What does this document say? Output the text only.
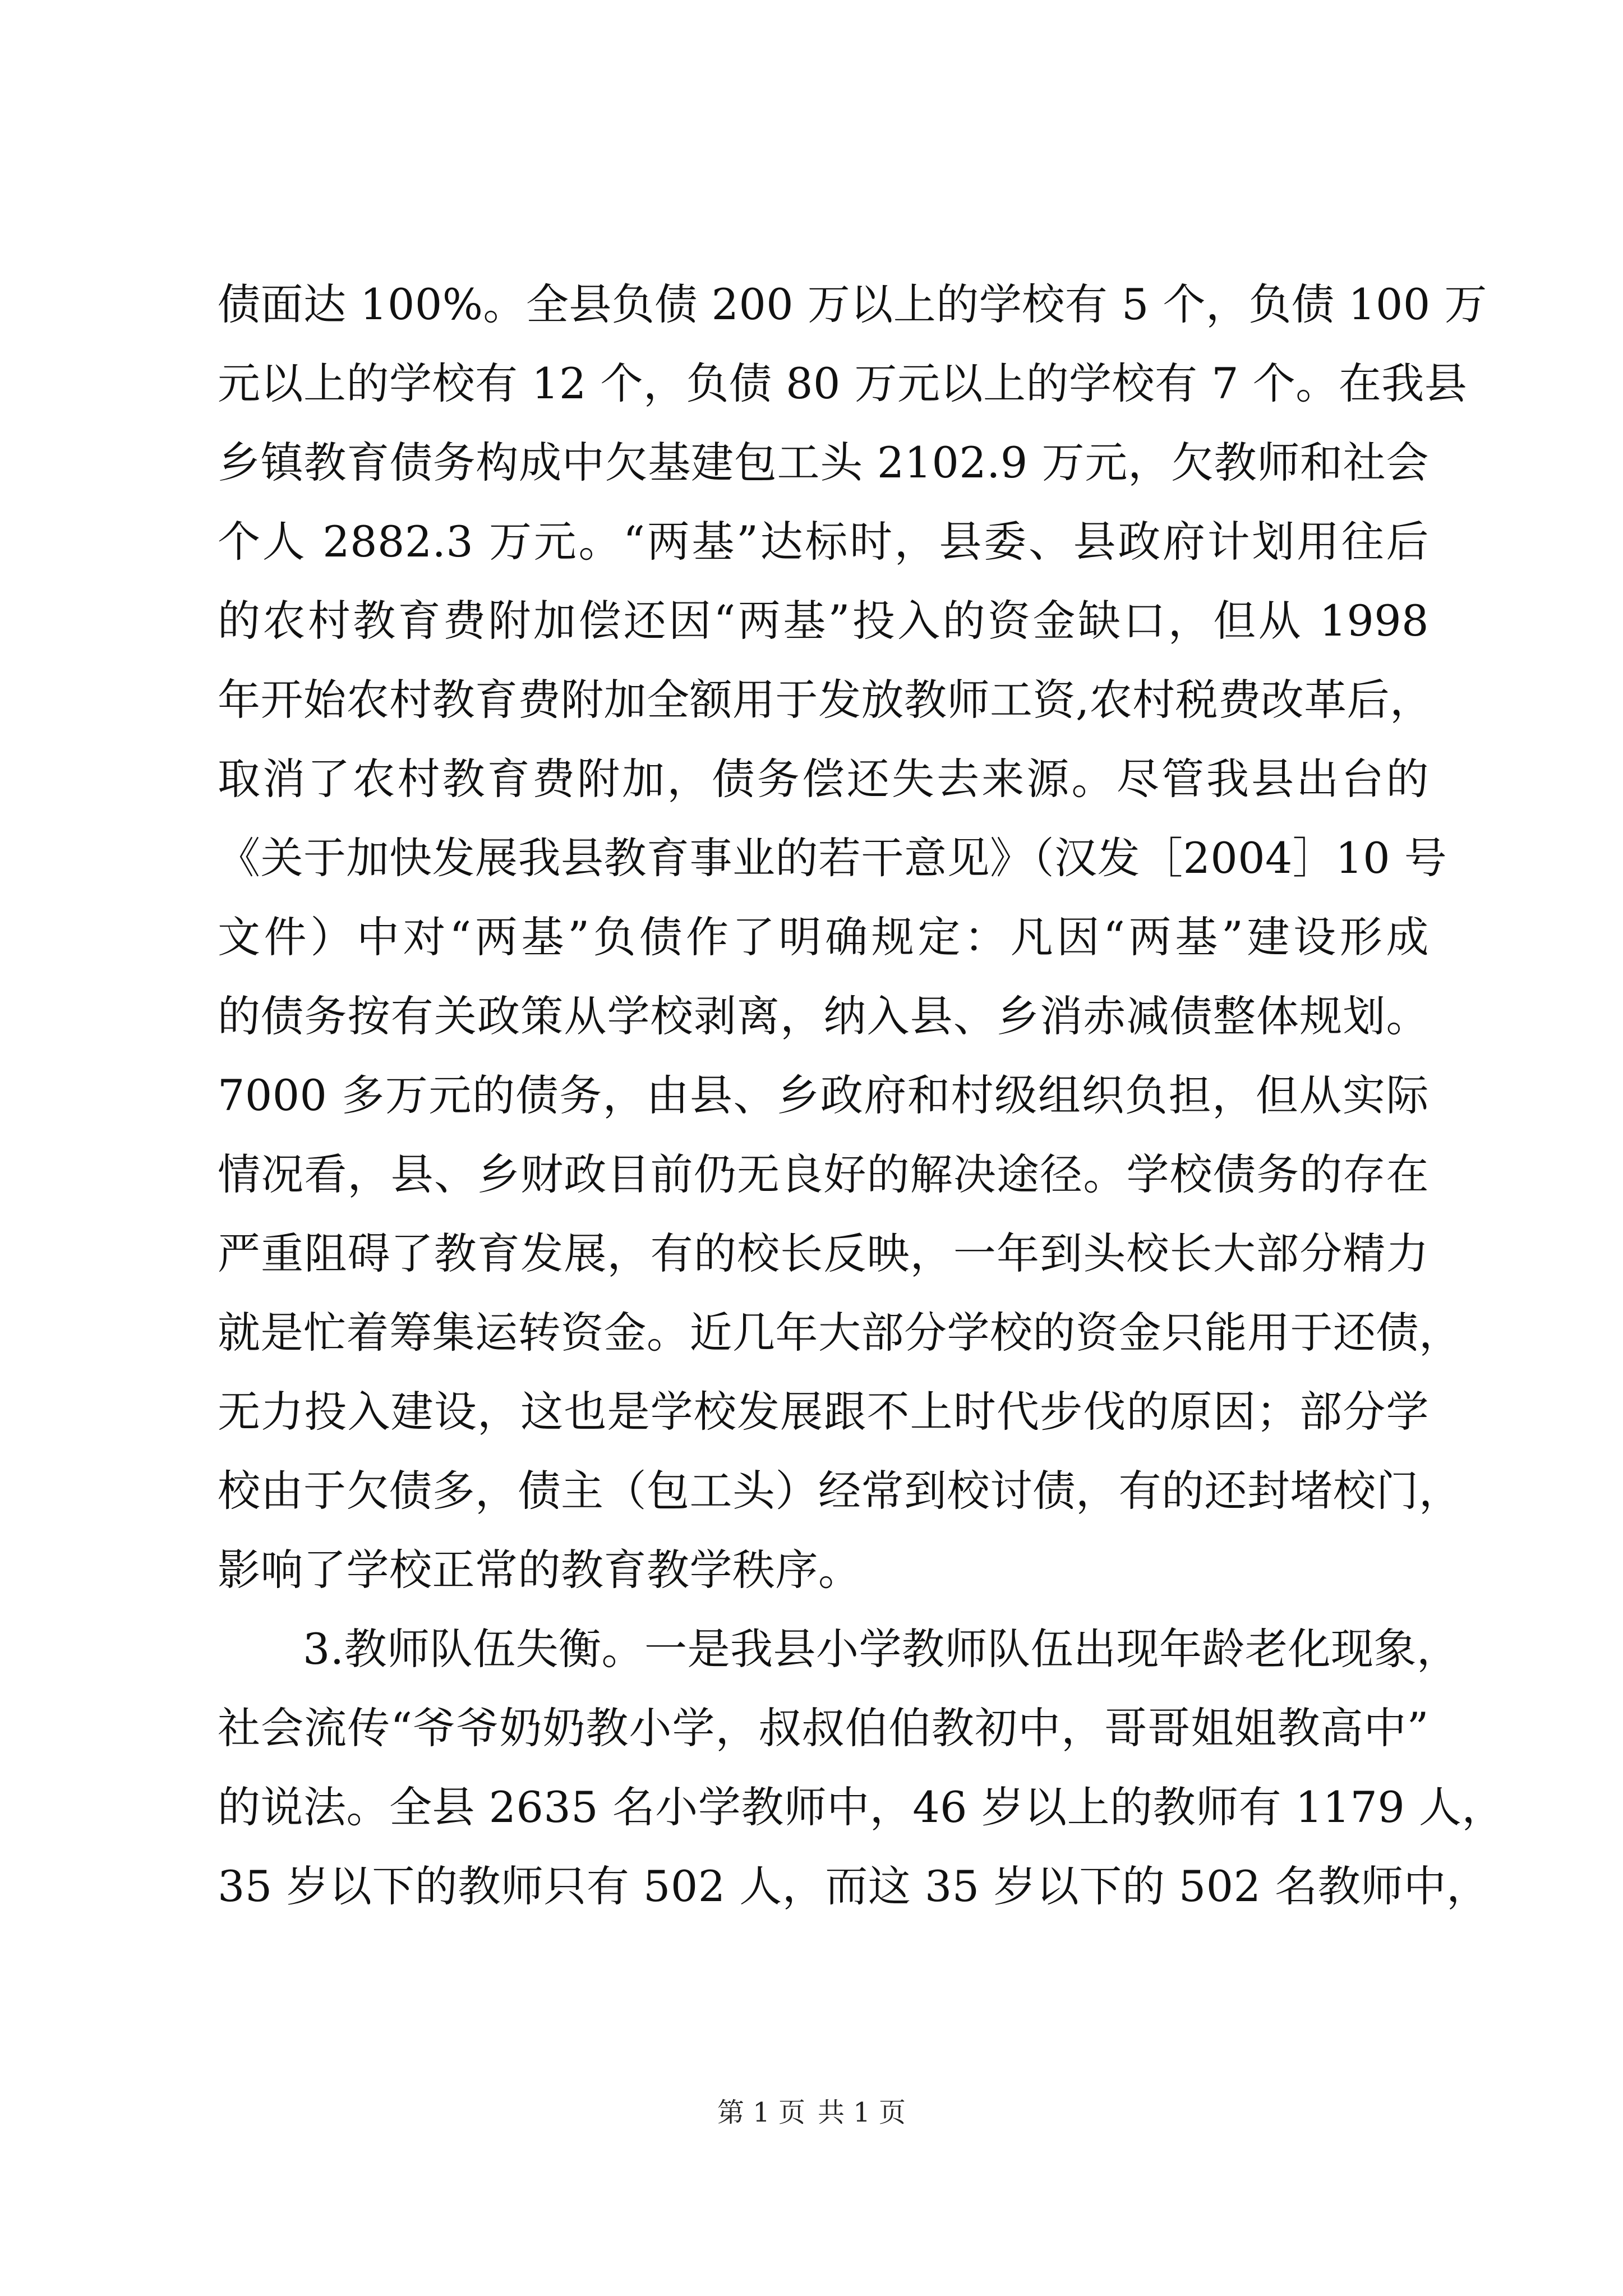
债面达 100%。全县负债 200 万以上的学校有 5 个，负债 100 万
元以上的学校有 12 个，负债 80 万元以上的学校有 7 个。在我县
乡镇教育债务构成中欠基建包工头 2102.9 万元，欠教师和社会
个人 2882.3 万元。“两基”达标时，县委、县政府计划用往后
的农村教育费附加偿还因“两基”投入的资金缺口，但从 1998
年开始农村教育费附加全额用于发放教师工资,农村税费改革后，
取消了农村教育费附加，债务偿还失去来源。尽管我县出台的
《关于加快发展我县教育事业的若干意见》（汉发［2004］10 号
文件）中对“两基”负债作了明确规定：凡因“两基”建设形成
的债务按有关政策从学校剥离，纳入县、乡消赤减债整体规划。
7000 多万元的债务，由县、乡政府和村级组织负担，但从实际
情况看，县、乡财政目前仍无良好的解决途径。学校债务的存在
严重阻碍了教育发展，有的校长反映，一年到头校长大部分精力
就是忙着筹集运转资金。近几年大部分学校的资金只能用于还债，
无力投入建设，这也是学校发展跟不上时代步伐的原因；部分学
校由于欠债多，债主（包工头）经常到校讨债，有的还封堵校门，
影响了学校正常的教育教学秩序。
3.教师队伍失衡。一是我县小学教师队伍出现年龄老化现象，
社会流传“爷爷奶奶教小学，叔叔伯伯教初中，哥哥姐姐教高中”
的说法。全县 2635 名小学教师中，46 岁以上的教师有 1179 人，
35 岁以下的教师只有 502 人，而这 35 岁以下的 502 名教师中，
第 1 页 共 1 页
